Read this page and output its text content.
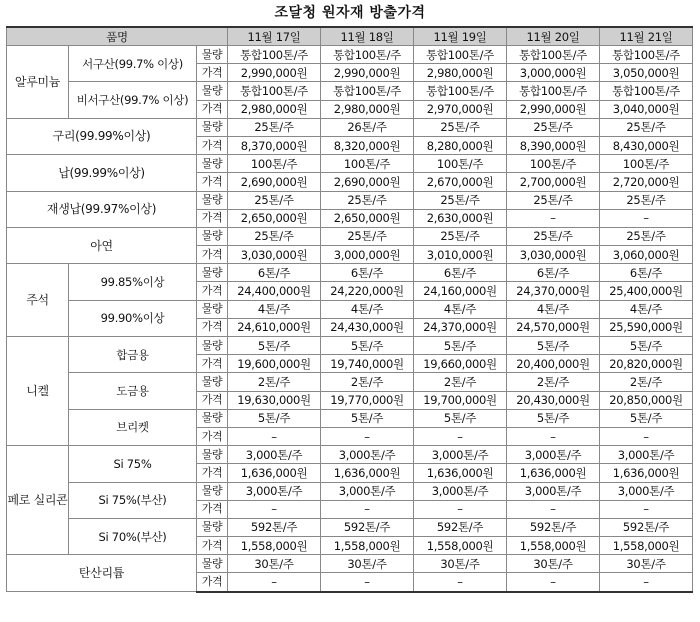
조달청 원자재 방출가격
품명			11월 17일	11월 18일	11월 19일	11월 20일	11월 21일
알루미늄	서구산(99.7% 이상)	물량	통합100톤/주	통합100톤/주	통합100톤/주	통합100톤/주	통합100톤/주
		가격	2,990,000원	2,990,000원	2,980,000원	3,000,000원	3,050,000원
	비서구산(99.7% 이상)	물량	통합100톤/주	통합100톤/주	통합100톤/주	통합100톤/주	통합100톤/주
		가격	2,980,000원	2,980,000원	2,970,000원	2,990,000원	3,040,000원
구리(99.99%이상)		물량	25톤/주	26톤/주	25톤/주	25톤/주	25톤/주
		가격	8,370,000원	8,320,000원	8,280,000원	8,390,000원	8,430,000원
납(99.99%이상)		물량	100톤/주	100톤/주	100톤/주	100톤/주	100톤/주
		가격	2,690,000원	2,690,000원	2,670,000원	2,700,000원	2,720,000원
재생납(99.97%이상)		물량	25톤/주	25톤/주	25톤/주	25톤/주	25톤/주
		가격	2,650,000원	2,650,000원	2,630,000원	–	–
아연		물량	25톤/주	25톤/주	25톤/주	25톤/주	25톤/주
		가격	3,030,000원	3,000,000원	3,010,000원	3,030,000원	3,060,000원
주석	99.85%이상	물량	6톤/주	6톤/주	6톤/주	6톤/주	6톤/주
		가격	24,400,000원	24,220,000원	24,160,000원	24,370,000원	25,400,000원
	99.90%이상	물량	4톤/주	4톤/주	4톤/주	4톤/주	4톤/주
		가격	24,610,000원	24,430,000원	24,370,000원	24,570,000원	25,590,000원
니켈	합금용	물량	5톤/주	5톤/주	5톤/주	5톤/주	5톤/주
		가격	19,600,000원	19,740,000원	19,660,000원	20,400,000원	20,820,000원
	도금용	물량	2톤/주	2톤/주	2톤/주	2톤/주	2톤/주
		가격	19,630,000원	19,770,000원	19,700,000원	20,430,000원	20,850,000원
	브리켓	물량	5톤/주	5톤/주	5톤/주	5톤/주	5톤/주
		가격	–	–	–	–	–
페로 실리콘	Si 75%	물량	3,000톤/주	3,000톤/주	3,000톤/주	3,000톤/주	3,000톤/주
		가격	1,636,000원	1,636,000원	1,636,000원	1,636,000원	1,636,000원
	Si 75%(부산)	물량	3,000톤/주	3,000톤/주	3,000톤/주	3,000톤/주	3,000톤/주
		가격	–	–	–	–	–
	Si 70%(부산)	물량	592톤/주	592톤/주	592톤/주	592톤/주	592톤/주
		가격	1,558,000원	1,558,000원	1,558,000원	1,558,000원	1,558,000원
탄산리튬		물량	30톤/주	30톤/주	30톤/주	30톤/주	30톤/주
		가격	–	–	–	–	–
